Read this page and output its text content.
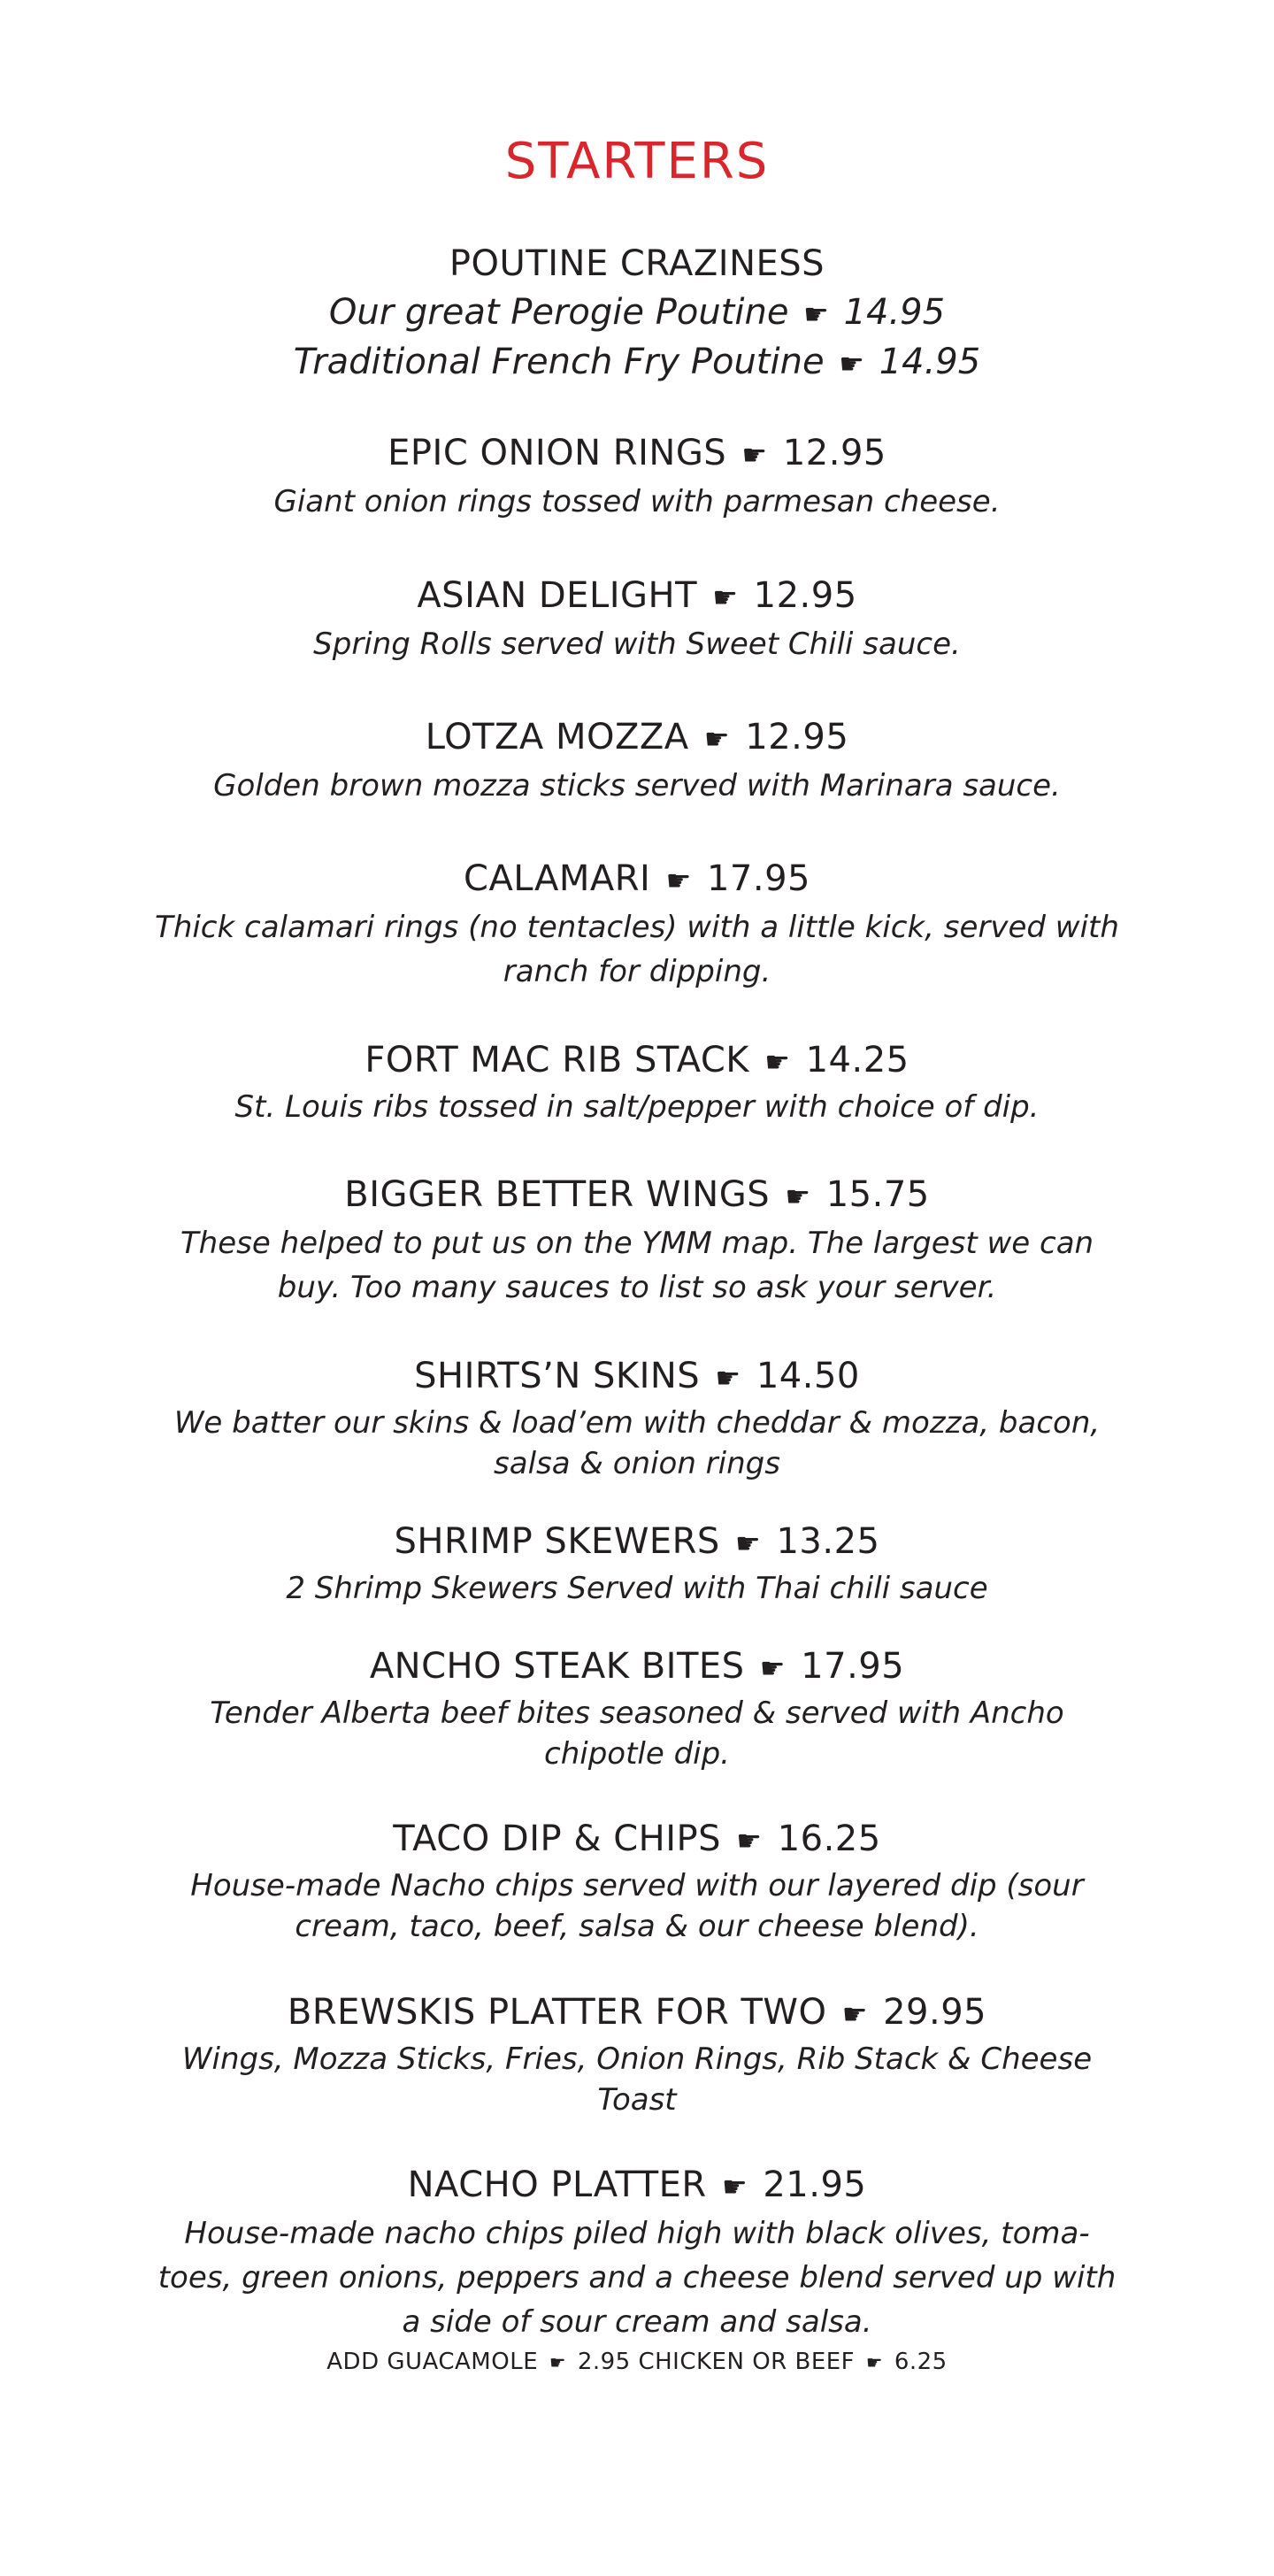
STARTERS
POUTINE CRAZINESS
Our great Perogie Poutine ☛ 14.95
Traditional French Fry Poutine ☛ 14.95
EPIC ONION RINGS ☛ 12.95
Giant onion rings tossed with parmesan cheese.
ASIAN DELIGHT ☛ 12.95
Spring Rolls served with Sweet Chili sauce.
LOTZA MOZZA ☛ 12.95
Golden brown mozza sticks served with Marinara sauce.
CALAMARI ☛ 17.95
Thick calamari rings (no tentacles) with a little kick, served with ranch for dipping.
FORT MAC RIB STACK ☛ 14.25
St. Louis ribs tossed in salt/pepper with choice of dip.
BIGGER BETTER WINGS ☛ 15.75
These helped to put us on the YMM map. The largest we can buy. Too many sauces to list so ask your server.
SHIRTS’N SKINS ☛ 14.50
We batter our skins & load’em with cheddar & mozza, bacon, salsa & onion rings
SHRIMP SKEWERS ☛ 13.25
2 Shrimp Skewers Served with Thai chili sauce
ANCHO STEAK BITES ☛ 17.95
Tender Alberta beef bites seasoned & served with Ancho chipotle dip.
TACO DIP & CHIPS ☛ 16.25
House-made Nacho chips served with our layered dip (sour cream, taco, beef, salsa & our cheese blend).
BREWSKIS PLATTER FOR TWO ☛ 29.95
Wings, Mozza Sticks, Fries, Onion Rings, Rib Stack & Cheese Toast
NACHO PLATTER ☛ 21.95
House-made nacho chips piled high with black olives, toma-toes, green onions, peppers and a cheese blend served up with a side of sour cream and salsa.
ADD GUACAMOLE ☛ 2.95 CHICKEN OR BEEF ☛ 6.25
